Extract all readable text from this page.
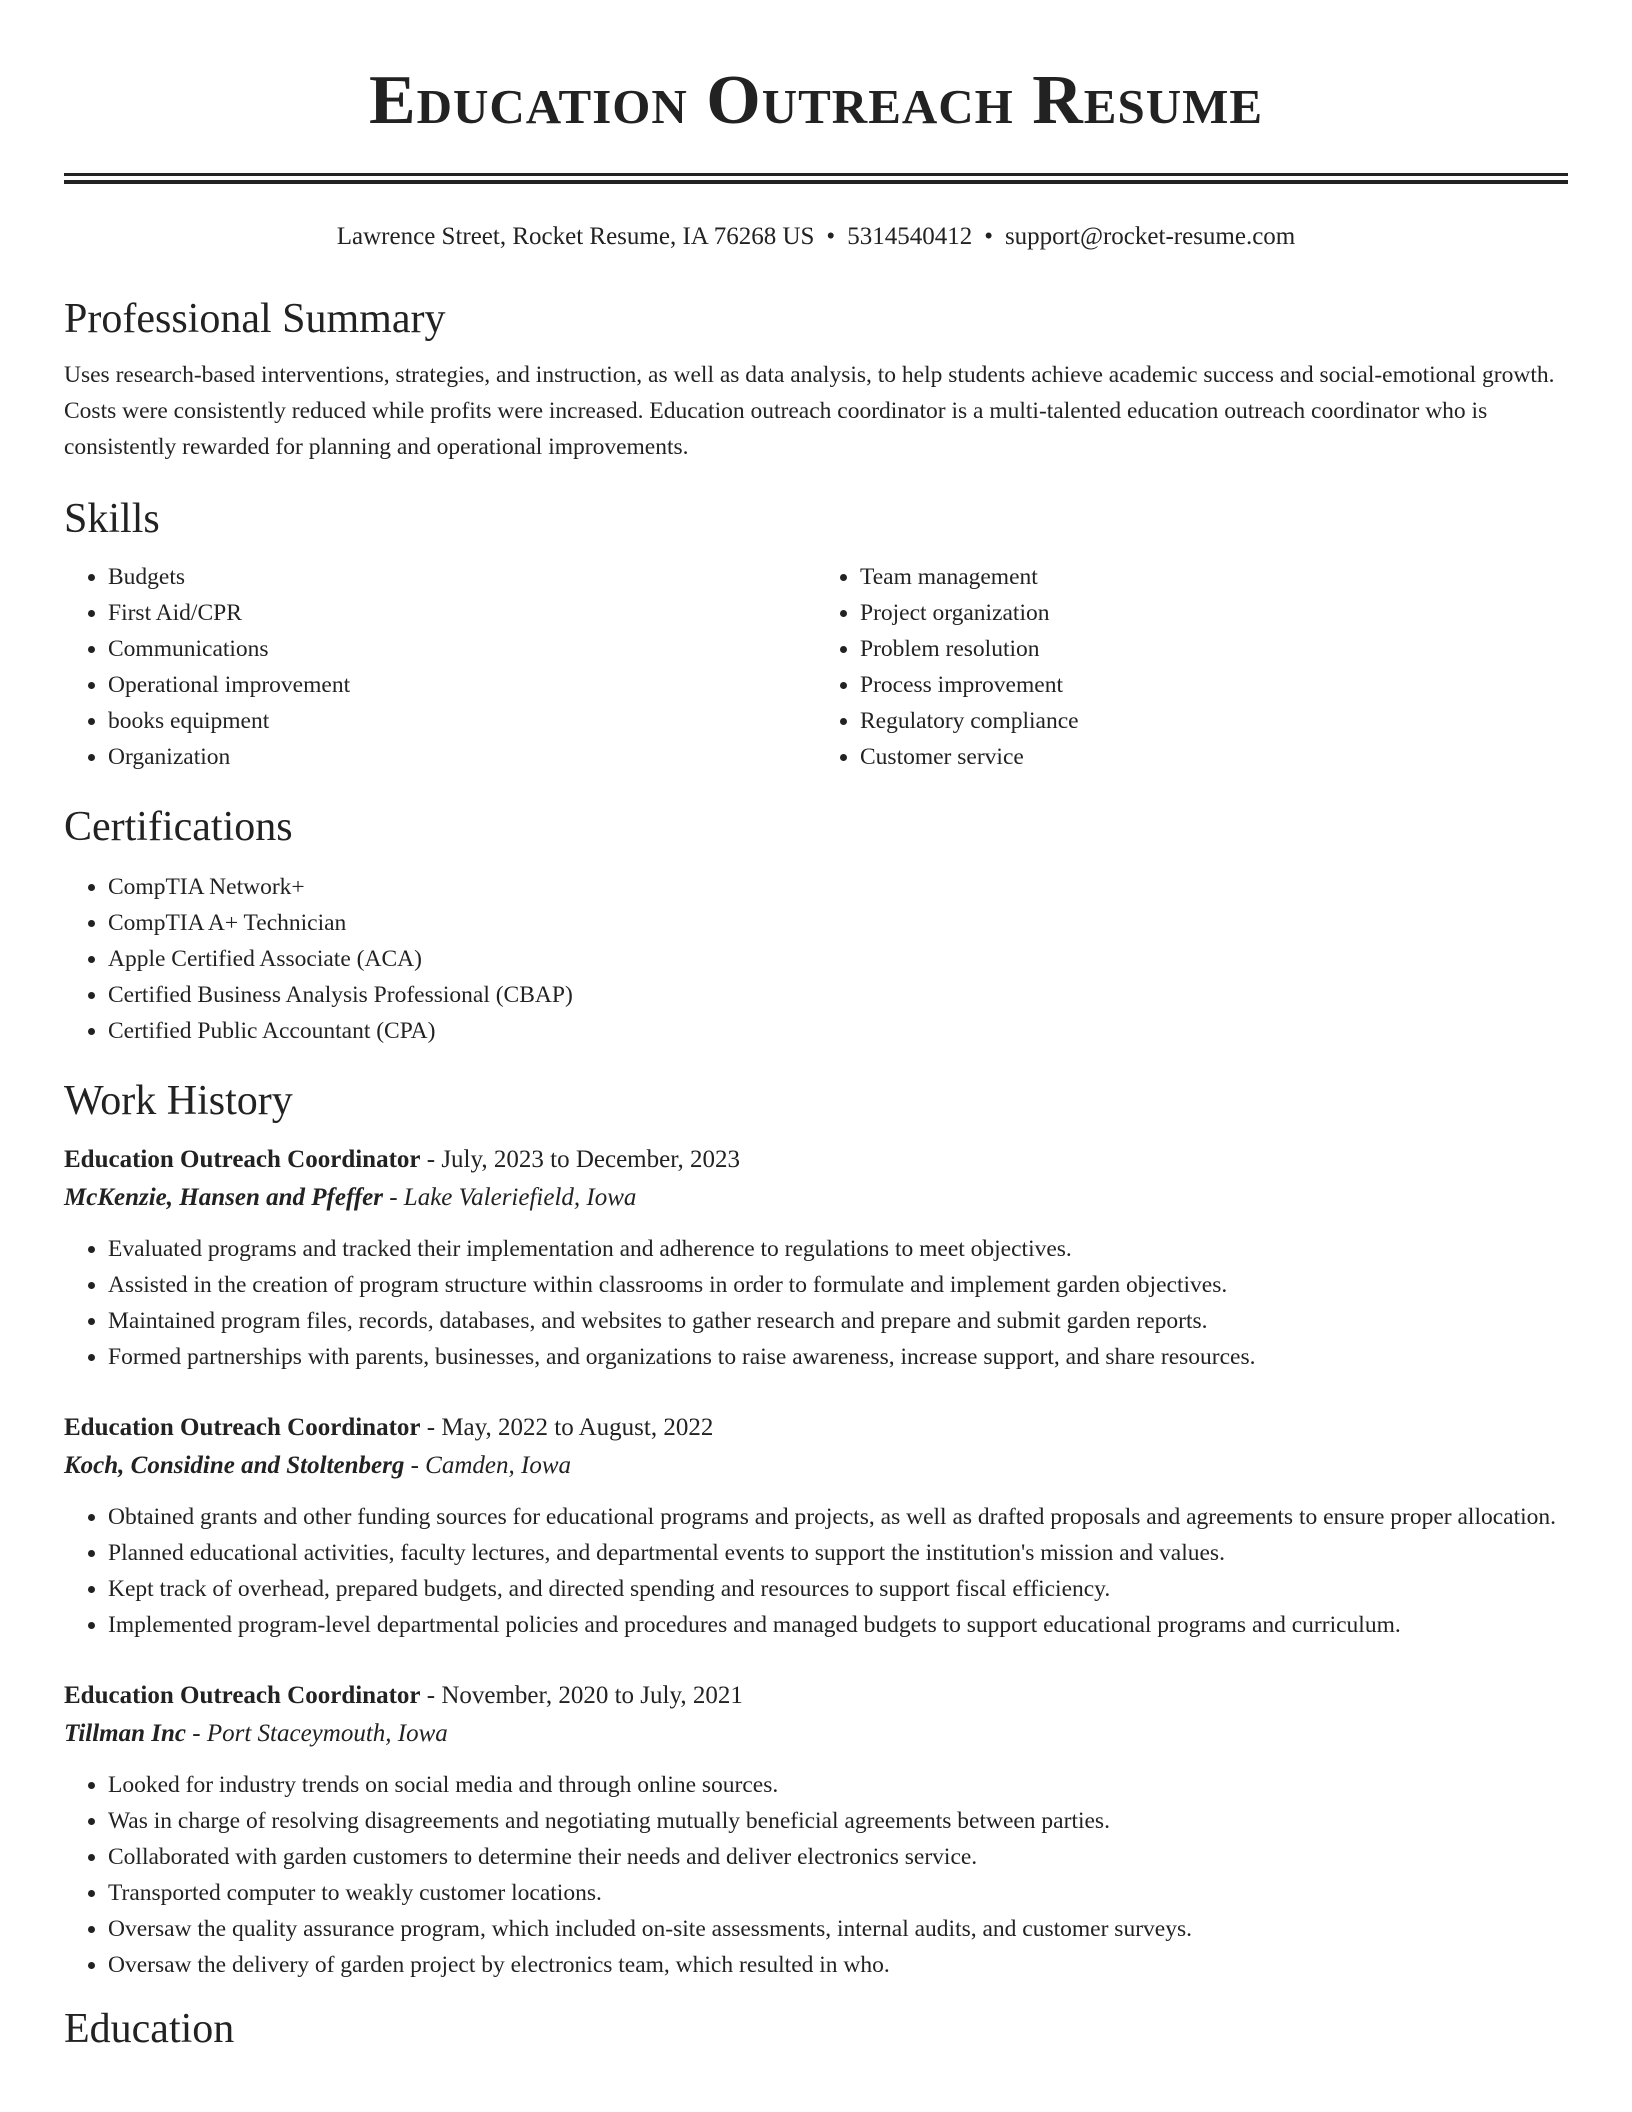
Education Outreach Resume
Lawrence Street, Rocket Resume, IA 76268 US • 5314540412 • support@rocket-resume.com
Professional Summary

Uses research-based interventions, strategies, and instruction, as well as data analysis, to help students achieve academic success and social-emotional growth. Costs were consistently reduced while profits were increased. Education outreach coordinator is a multi-talented education outreach coordinator who is consistently rewarded for planning and operational improvements.

Skills
• Budgets
• First Aid/CPR
• Communications
• Operational improvement
• books equipment
• Organization
• Team management
• Project organization
• Problem resolution
• Process improvement
• Regulatory compliance
• Customer service
Certifications
• CompTIA Network+
• CompTIA A+ Technician
• Apple Certified Associate (ACA)
• Certified Business Analysis Professional (CBAP)
• Certified Public Accountant (CPA)
Work History
Education Outreach Coordinator - July, 2023 to December, 2023
McKenzie, Hansen and Pfeffer - Lake Valeriefield, Iowa
• Evaluated programs and tracked their implementation and adherence to regulations to meet objectives.
• Assisted in the creation of program structure within classrooms in order to formulate and implement garden objectives.
• Maintained program files, records, databases, and websites to gather research and prepare and submit garden reports.
• Formed partnerships with parents, businesses, and organizations to raise awareness, increase support, and share resources.
Education Outreach Coordinator - May, 2022 to August, 2022
Koch, Considine and Stoltenberg - Camden, Iowa
• Obtained grants and other funding sources for educational programs and projects, as well as drafted proposals and agreements to ensure proper allocation.
• Planned educational activities, faculty lectures, and departmental events to support the institution's mission and values.
• Kept track of overhead, prepared budgets, and directed spending and resources to support fiscal efficiency.
• Implemented program-level departmental policies and procedures and managed budgets to support educational programs and curriculum.
Education Outreach Coordinator - November, 2020 to July, 2021
Tillman Inc - Port Staceymouth, Iowa
• Looked for industry trends on social media and through online sources.
• Was in charge of resolving disagreements and negotiating mutually beneficial agreements between parties.
• Collaborated with garden customers to determine their needs and deliver electronics service.
• Transported computer to weakly customer locations.
• Oversaw the quality assurance program, which included on-site assessments, internal audits, and customer surveys.
• Oversaw the delivery of garden project by electronics team, which resulted in who.
Education
